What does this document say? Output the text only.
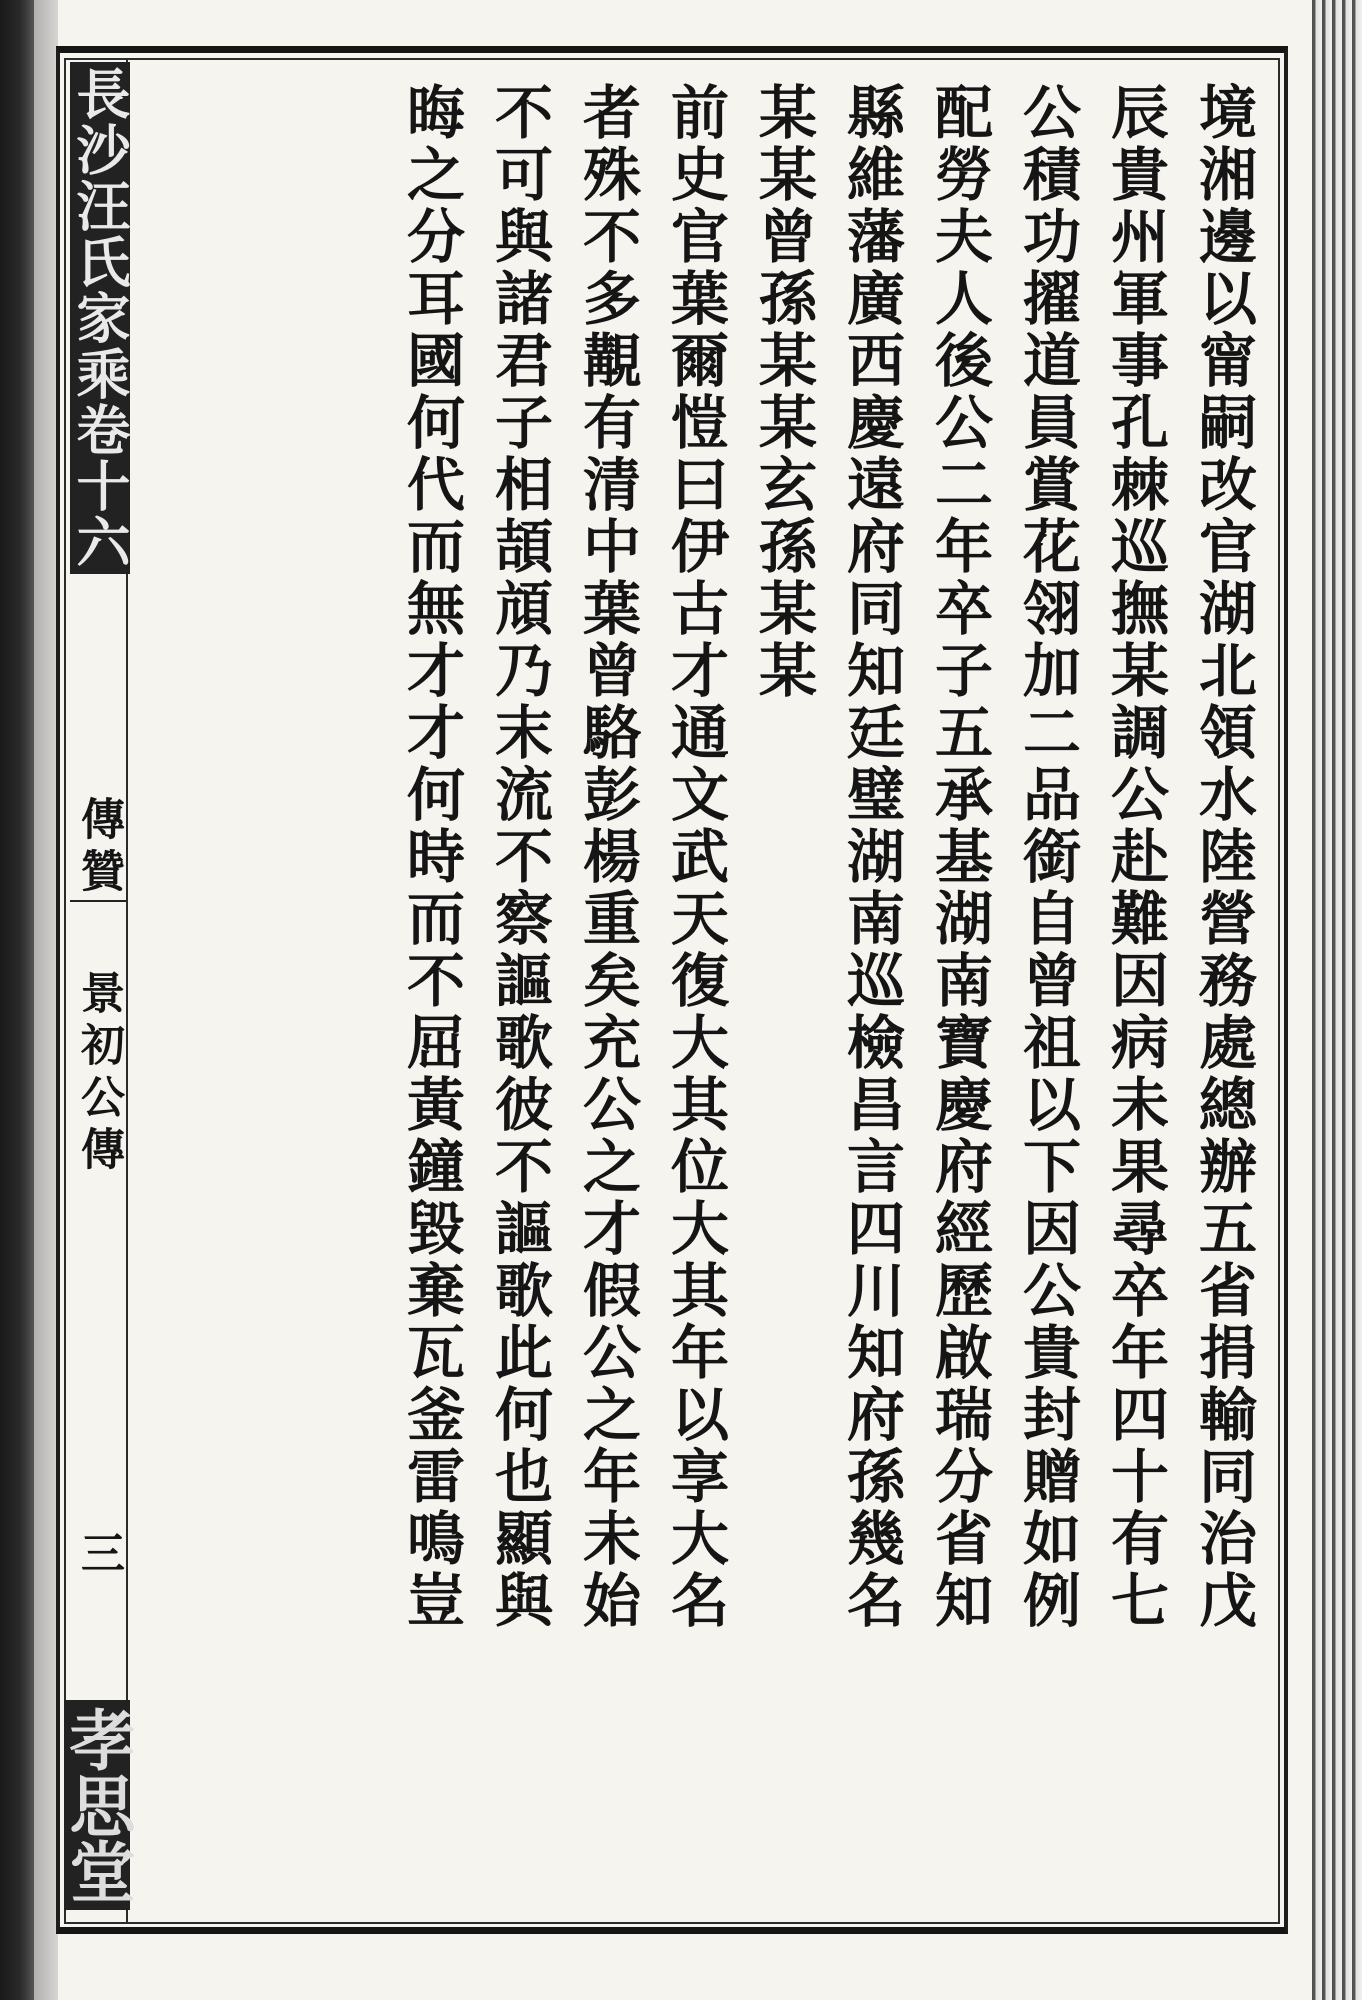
長沙汪氏家乘卷十六
傳贊
景初公傳
三
孝思堂
境湘邊以甯嗣改官湖北領水陸營務處總辦五省捐輸同治戊
辰貴州軍事孔棘巡撫某調公赴難因病未果尋卒年四十有七
公積功擢道員賞花翎加二品銜自曾祖以下因公貴封贈如例
配勞夫人後公二年卒子五承基湖南寶慶府經歷啟瑞分省知
縣維藩廣西慶遠府同知廷璧湖南巡檢昌言四川知府孫幾名
某某曾孫某某玄孫某某
前史官葉爾愷曰伊古才通文武天復大其位大其年以享大名
者殊不多覯有清中葉曾駱彭楊重矣充公之才假公之年未始
不可與諸君子相頡頏乃末流不察謳歌彼不謳歌此何也顯與
晦之分耳國何代而無才才何時而不屈黃鐘毀棄瓦釜雷鳴豈
